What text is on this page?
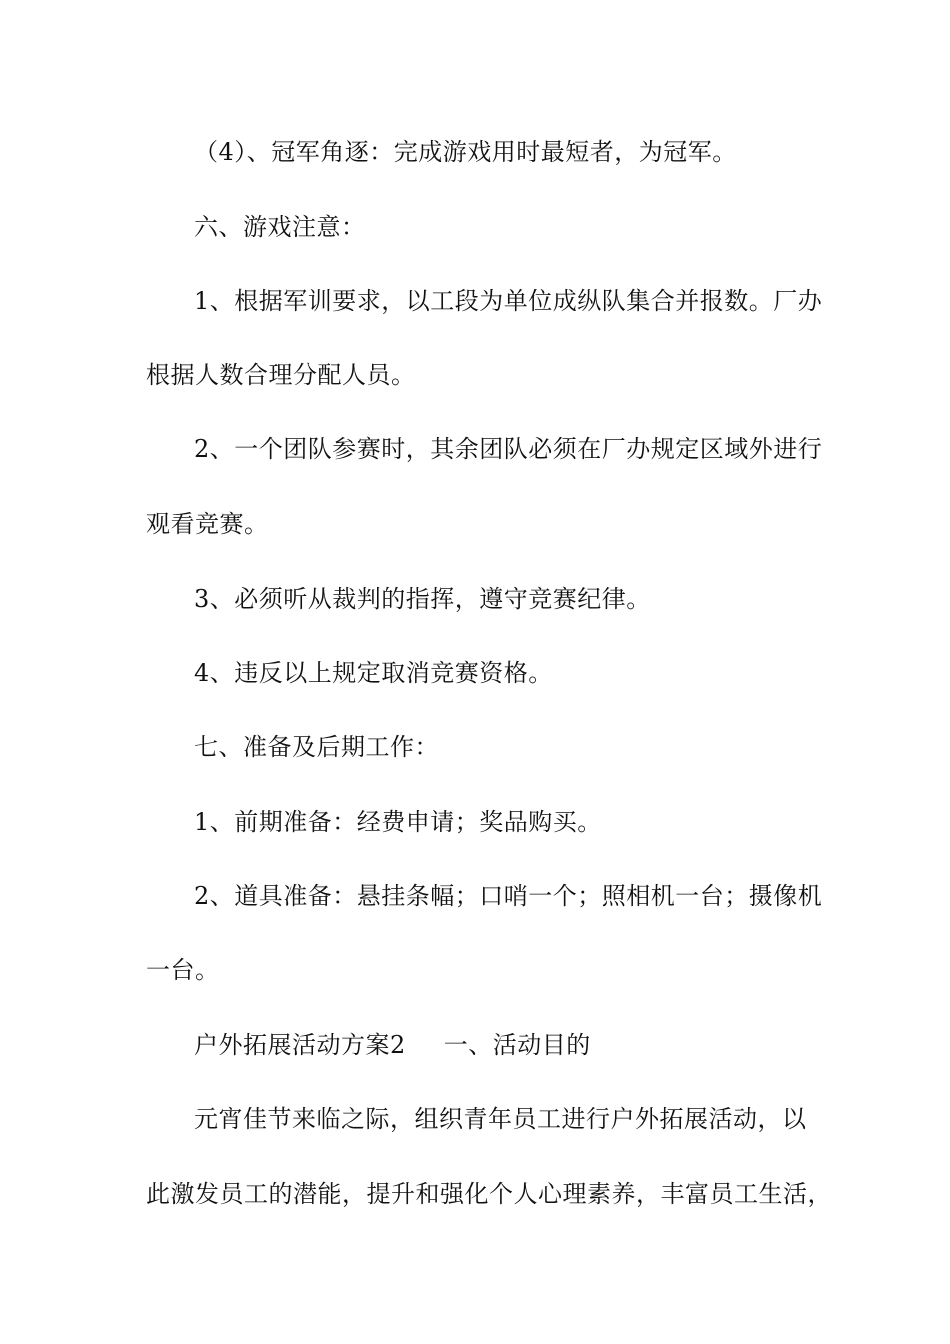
（4）、冠军角逐：完成游戏用时最短者，为冠军。
六、游戏注意：
1、根据军训要求，以工段为单位成纵队集合并报数。厂办
根据人数合理分配人员。
2、一个团队参赛时，其余团队必须在厂办规定区域外进行
观看竞赛。
3、必须听从裁判的指挥，遵守竞赛纪律。
4、违反以上规定取消竞赛资格。
七、准备及后期工作：
1、前期准备：经费申请；奖品购买。
2、道具准备：悬挂条幅；口哨一个；照相机一台；摄像机
一台。
户外拓展活动方案2 一、活动目的
元宵佳节来临之际，组织青年员工进行户外拓展活动，以
此激发员工的潜能，提升和强化个人心理素养，丰富员工生活，
